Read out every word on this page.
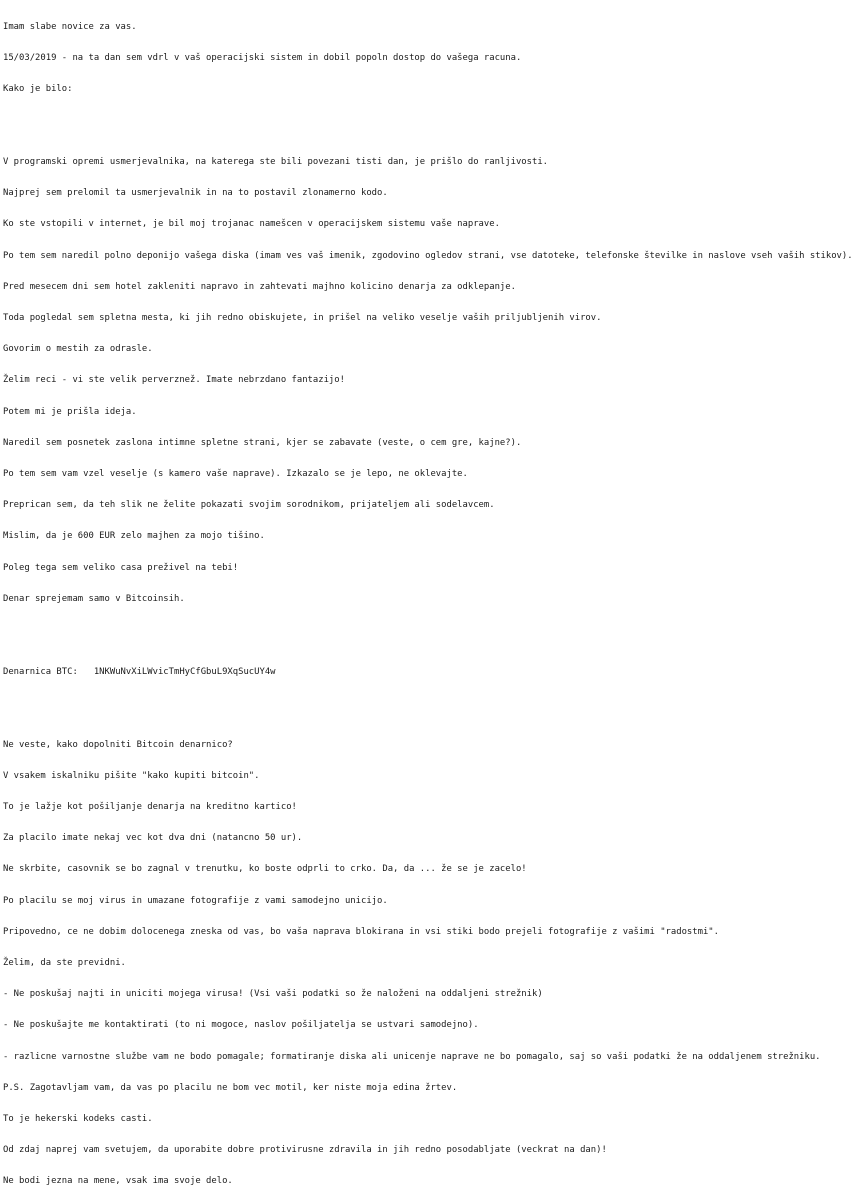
Imam slabe novice za vas.

15/03/2019 - na ta dan sem vdrl v vaš operacijski sistem in dobil popoln dostop do vašega racuna.

Kako je bilo:

V programski opremi usmerjevalnika, na katerega ste bili povezani tisti dan, je prišlo do ranljivosti.

Najprej sem prelomil ta usmerjevalnik in na to postavil zlonamerno kodo.

Ko ste vstopili v internet, je bil moj trojanac namešcen v operacijskem sistemu vaše naprave.

Po tem sem naredil polno deponijo vašega diska (imam ves vaš imenik, zgodovino ogledov strani, vse datoteke, telefonske številke in naslove vseh vaših stikov).

Pred mesecem dni sem hotel zakleniti napravo in zahtevati majhno kolicino denarja za odklepanje.

Toda pogledal sem spletna mesta, ki jih redno obiskujete, in prišel na veliko veselje vaših priljubljenih virov.

Govorim o mestih za odrasle.

Želim reci - vi ste velik perverznež. Imate nebrzdano fantazijo!

Potem mi je prišla ideja.

Naredil sem posnetek zaslona intimne spletne strani, kjer se zabavate (veste, o cem gre, kajne?).

Po tem sem vam vzel veselje (s kamero vaše naprave). Izkazalo se je lepo, ne oklevajte.

Preprican sem, da teh slik ne želite pokazati svojim sorodnikom, prijateljem ali sodelavcem.

Mislim, da je 600 EUR zelo majhen za mojo tišino.

Poleg tega sem veliko casa preživel na tebi!

Denar sprejemam samo v Bitcoinsih.

Denarnica BTC:   1NKWuNvXiLWvicTmHyCfGbuL9XqSucUY4w

Ne veste, kako dopolniti Bitcoin denarnico?

V vsakem iskalniku pišite "kako kupiti bitcoin".

To je lažje kot pošiljanje denarja na kreditno kartico!

Za placilo imate nekaj vec kot dva dni (natancno 50 ur).

Ne skrbite, casovnik se bo zagnal v trenutku, ko boste odprli to crko. Da, da ... že se je zacelo!

Po placilu se moj virus in umazane fotografije z vami samodejno unicijo.

Pripovedno, ce ne dobim dolocenega zneska od vas, bo vaša naprava blokirana in vsi stiki bodo prejeli fotografije z vašimi "radostmi".

Želim, da ste previdni.

- Ne poskušaj najti in uniciti mojega virusa! (Vsi vaši podatki so že naloženi na oddaljeni strežnik)

- Ne poskušajte me kontaktirati (to ni mogoce, naslov pošiljatelja se ustvari samodejno).

- razlicne varnostne službe vam ne bodo pomagale; formatiranje diska ali unicenje naprave ne bo pomagalo, saj so vaši podatki že na oddaljenem strežniku.

P.S. Zagotavljam vam, da vas po placilu ne bom vec motil, ker niste moja edina žrtev.

To je hekerski kodeks casti.

Od zdaj naprej vam svetujem, da uporabite dobre protivirusne zdravila in jih redno posodabljate (veckrat na dan)!

Ne bodi jezna na mene, vsak ima svoje delo.
